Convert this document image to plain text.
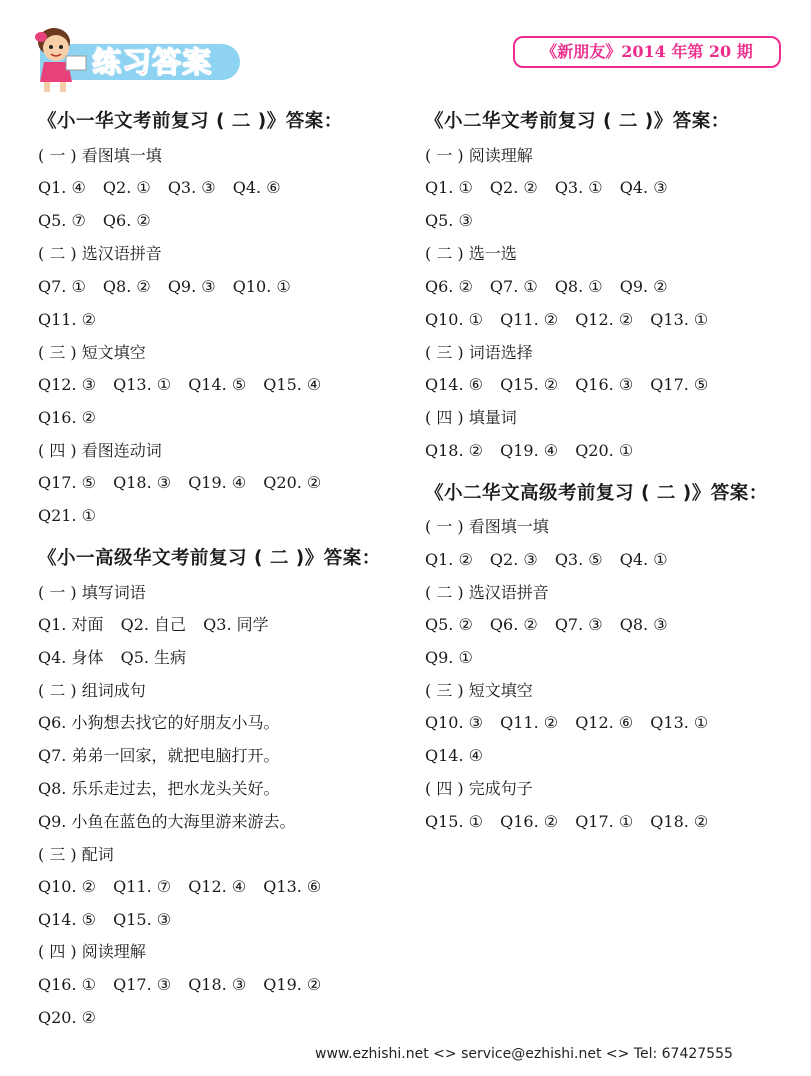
练习答案	《新朋友》2014 年第 20 期
《小一华文考前复习 ( 二 )》答案：
( 一 ) 看图填一填
Q1. ④ Q2. ① Q3. ③ Q4. ⑥
Q5. ⑦ Q6. ②
( 二 ) 选汉语拼音
Q7. ① Q8. ② Q9. ③ Q10. ①
Q11. ②
( 三 ) 短文填空
Q12. ③ Q13. ① Q14. ⑤ Q15. ④
Q16. ②
( 四 ) 看图连动词
Q17. ⑤ Q18. ③ Q19. ④ Q20. ②
Q21. ①
《小一高级华文考前复习 ( 二 )》答案：
( 一 ) 填写词语
Q1. 对面 Q2. 自己 Q3. 同学
Q4. 身体 Q5. 生病
( 二 ) 组词成句
Q6. 小狗想去找它的好朋友小马。
Q7. 弟弟一回家，就把电脑打开。
Q8. 乐乐走过去，把水龙头关好。
Q9. 小鱼在蓝色的大海里游来游去。
( 三 ) 配词
Q10. ② Q11. ⑦ Q12. ④ Q13. ⑥
Q14. ⑤ Q15. ③
( 四 ) 阅读理解
Q16. ① Q17. ③ Q18. ③ Q19. ②
Q20. ②
《小二华文考前复习 ( 二 )》答案：
( 一 ) 阅读理解
Q1. ① Q2. ② Q3. ① Q4. ③
Q5. ③
( 二 ) 选一选
Q6. ② Q7. ① Q8. ① Q9. ②
Q10. ① Q11. ② Q12. ② Q13. ①
( 三 ) 词语选择
Q14. ⑥ Q15. ② Q16. ③ Q17. ⑤
( 四 ) 填量词
Q18. ② Q19. ④ Q20. ①
《小二华文高级考前复习 ( 二 )》答案：
( 一 ) 看图填一填
Q1. ② Q2. ③ Q3. ⑤ Q4. ①
( 二 ) 选汉语拼音
Q5. ② Q6. ② Q7. ③ Q8. ③
Q9. ①
( 三 ) 短文填空
Q10. ③ Q11. ② Q12. ⑥ Q13. ①
Q14. ④
( 四 ) 完成句子
Q15. ① Q16. ② Q17. ① Q18. ②
www.ezhishi.net <> service@ezhishi.net <> Tel: 67427555
